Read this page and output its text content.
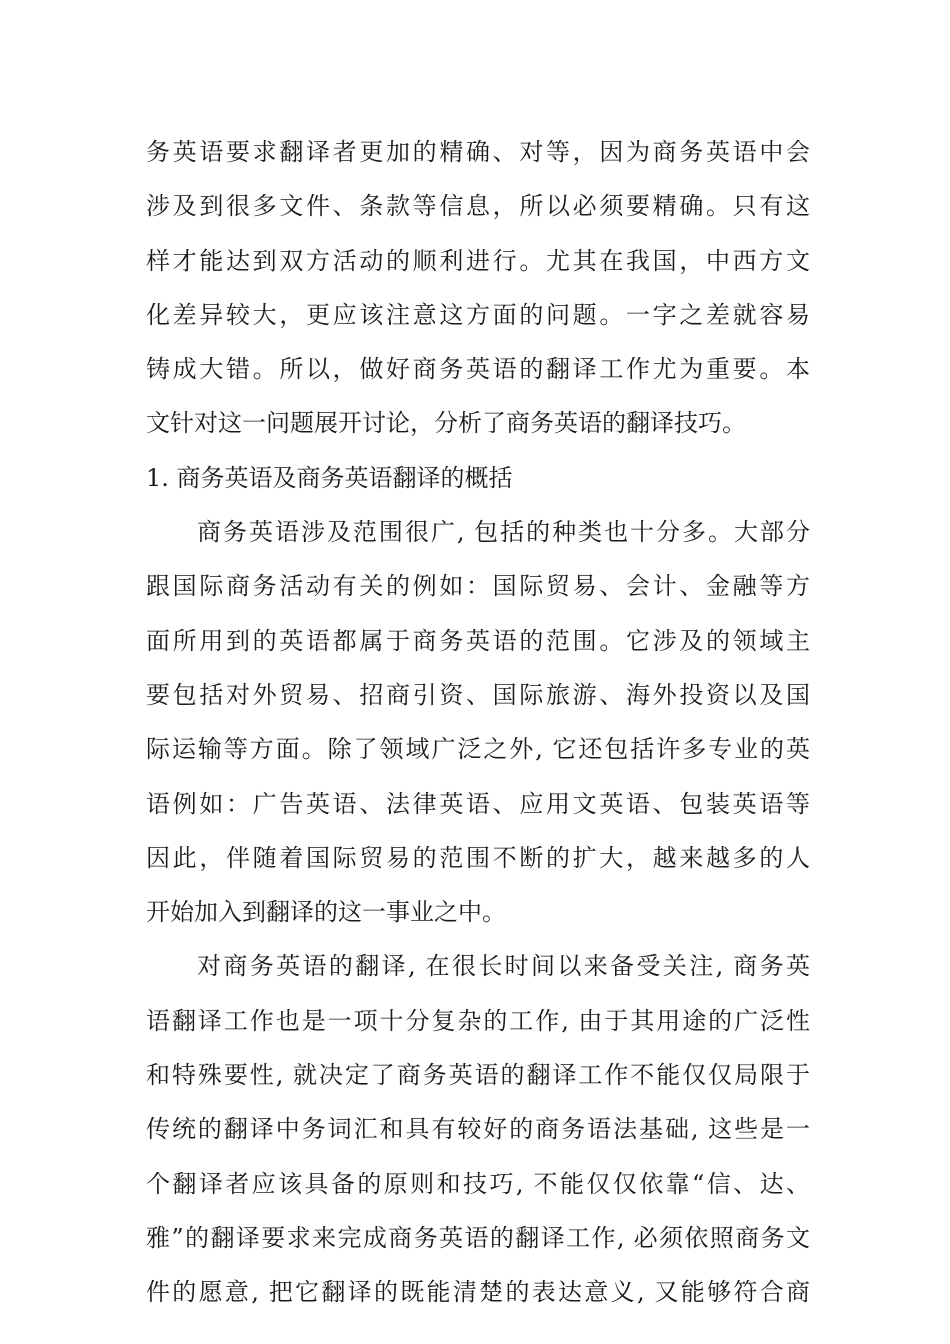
务英语要求翻译者更加的精确、对等，因为商务英语中会
涉及到很多文件、条款等信息，所以必须要精确。只有这
样才能达到双方活动的顺利进行。尤其在我国，中西方文
化差异较大，更应该注意这方面的问题。一字之差就容易
铸成大错。所以，做好商务英语的翻译工作尤为重要。本
文针对这一问题展开讨论，分析了商务英语的翻译技巧。
1. 商务英语及商务英语翻译的概括
商务英语涉及范围很广, 包括的种类也十分多。大部分
跟国际商务活动有关的例如：国际贸易、会计、金融等方
面所用到的英语都属于商务英语的范围。它涉及的领域主
要包括对外贸易、招商引资、国际旅游、海外投资以及国
际运输等方面。除了领域广泛之外, 它还包括许多专业的英
语例如：广告英语、法律英语、应用文英语、包装英语等
因此，伴随着国际贸易的范围不断的扩大，越来越多的人
开始加入到翻译的这一事业之中。
对商务英语的翻译, 在很长时间以来备受关注, 商务英
语翻译工作也是一项十分复杂的工作, 由于其用途的广泛性
和特殊要性, 就决定了商务英语的翻译工作不能仅仅局限于
传统的翻译中务词汇和具有较好的商务语法基础, 这些是一
个翻译者应该具备的原则和技巧, 不能仅仅依靠“信、达、
雅”的翻译要求来完成商务英语的翻译工作, 必须依照商务文
件的愿意, 把它翻译的既能清楚的表达意义, 又能够符合商
